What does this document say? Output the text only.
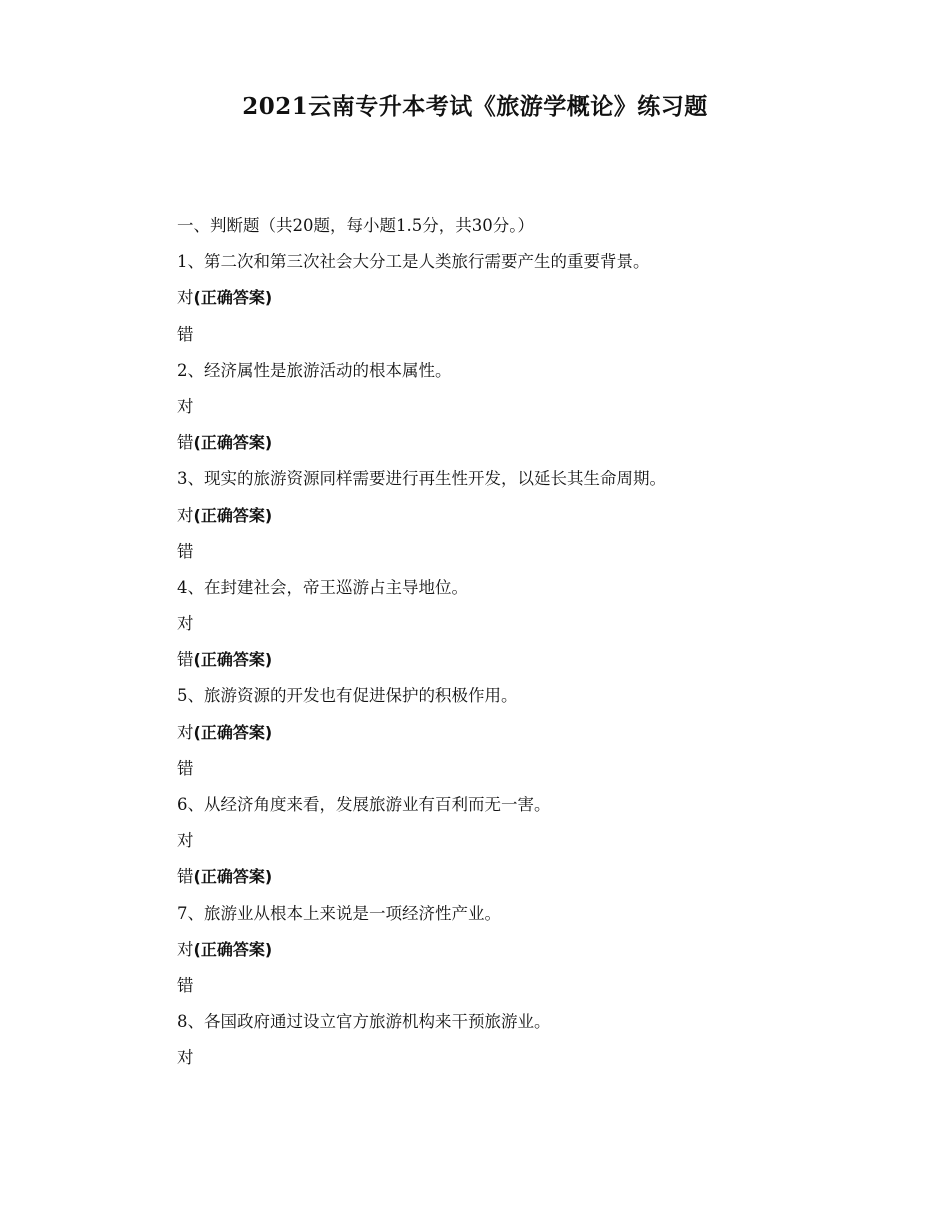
2021云南专升本考试《旅游学概论》练习题
一、判断题（共20题，每小题1.5分，共30分。）
1、第二次和第三次社会大分工是人类旅行需要产生的重要背景。
对(正确答案)
错
2、经济属性是旅游活动的根本属性。
对
错(正确答案)
3、现实的旅游资源同样需要进行再生性开发，以延长其生命周期。
对(正确答案)
错
4、在封建社会，帝王巡游占主导地位。
对
错(正确答案)
5、旅游资源的开发也有促进保护的积极作用。
对(正确答案)
错
6、从经济角度来看，发展旅游业有百利而无一害。
对
错(正确答案)
7、旅游业从根本上来说是一项经济性产业。
对(正确答案)
错
8、各国政府通过设立官方旅游机构来干预旅游业。
对
